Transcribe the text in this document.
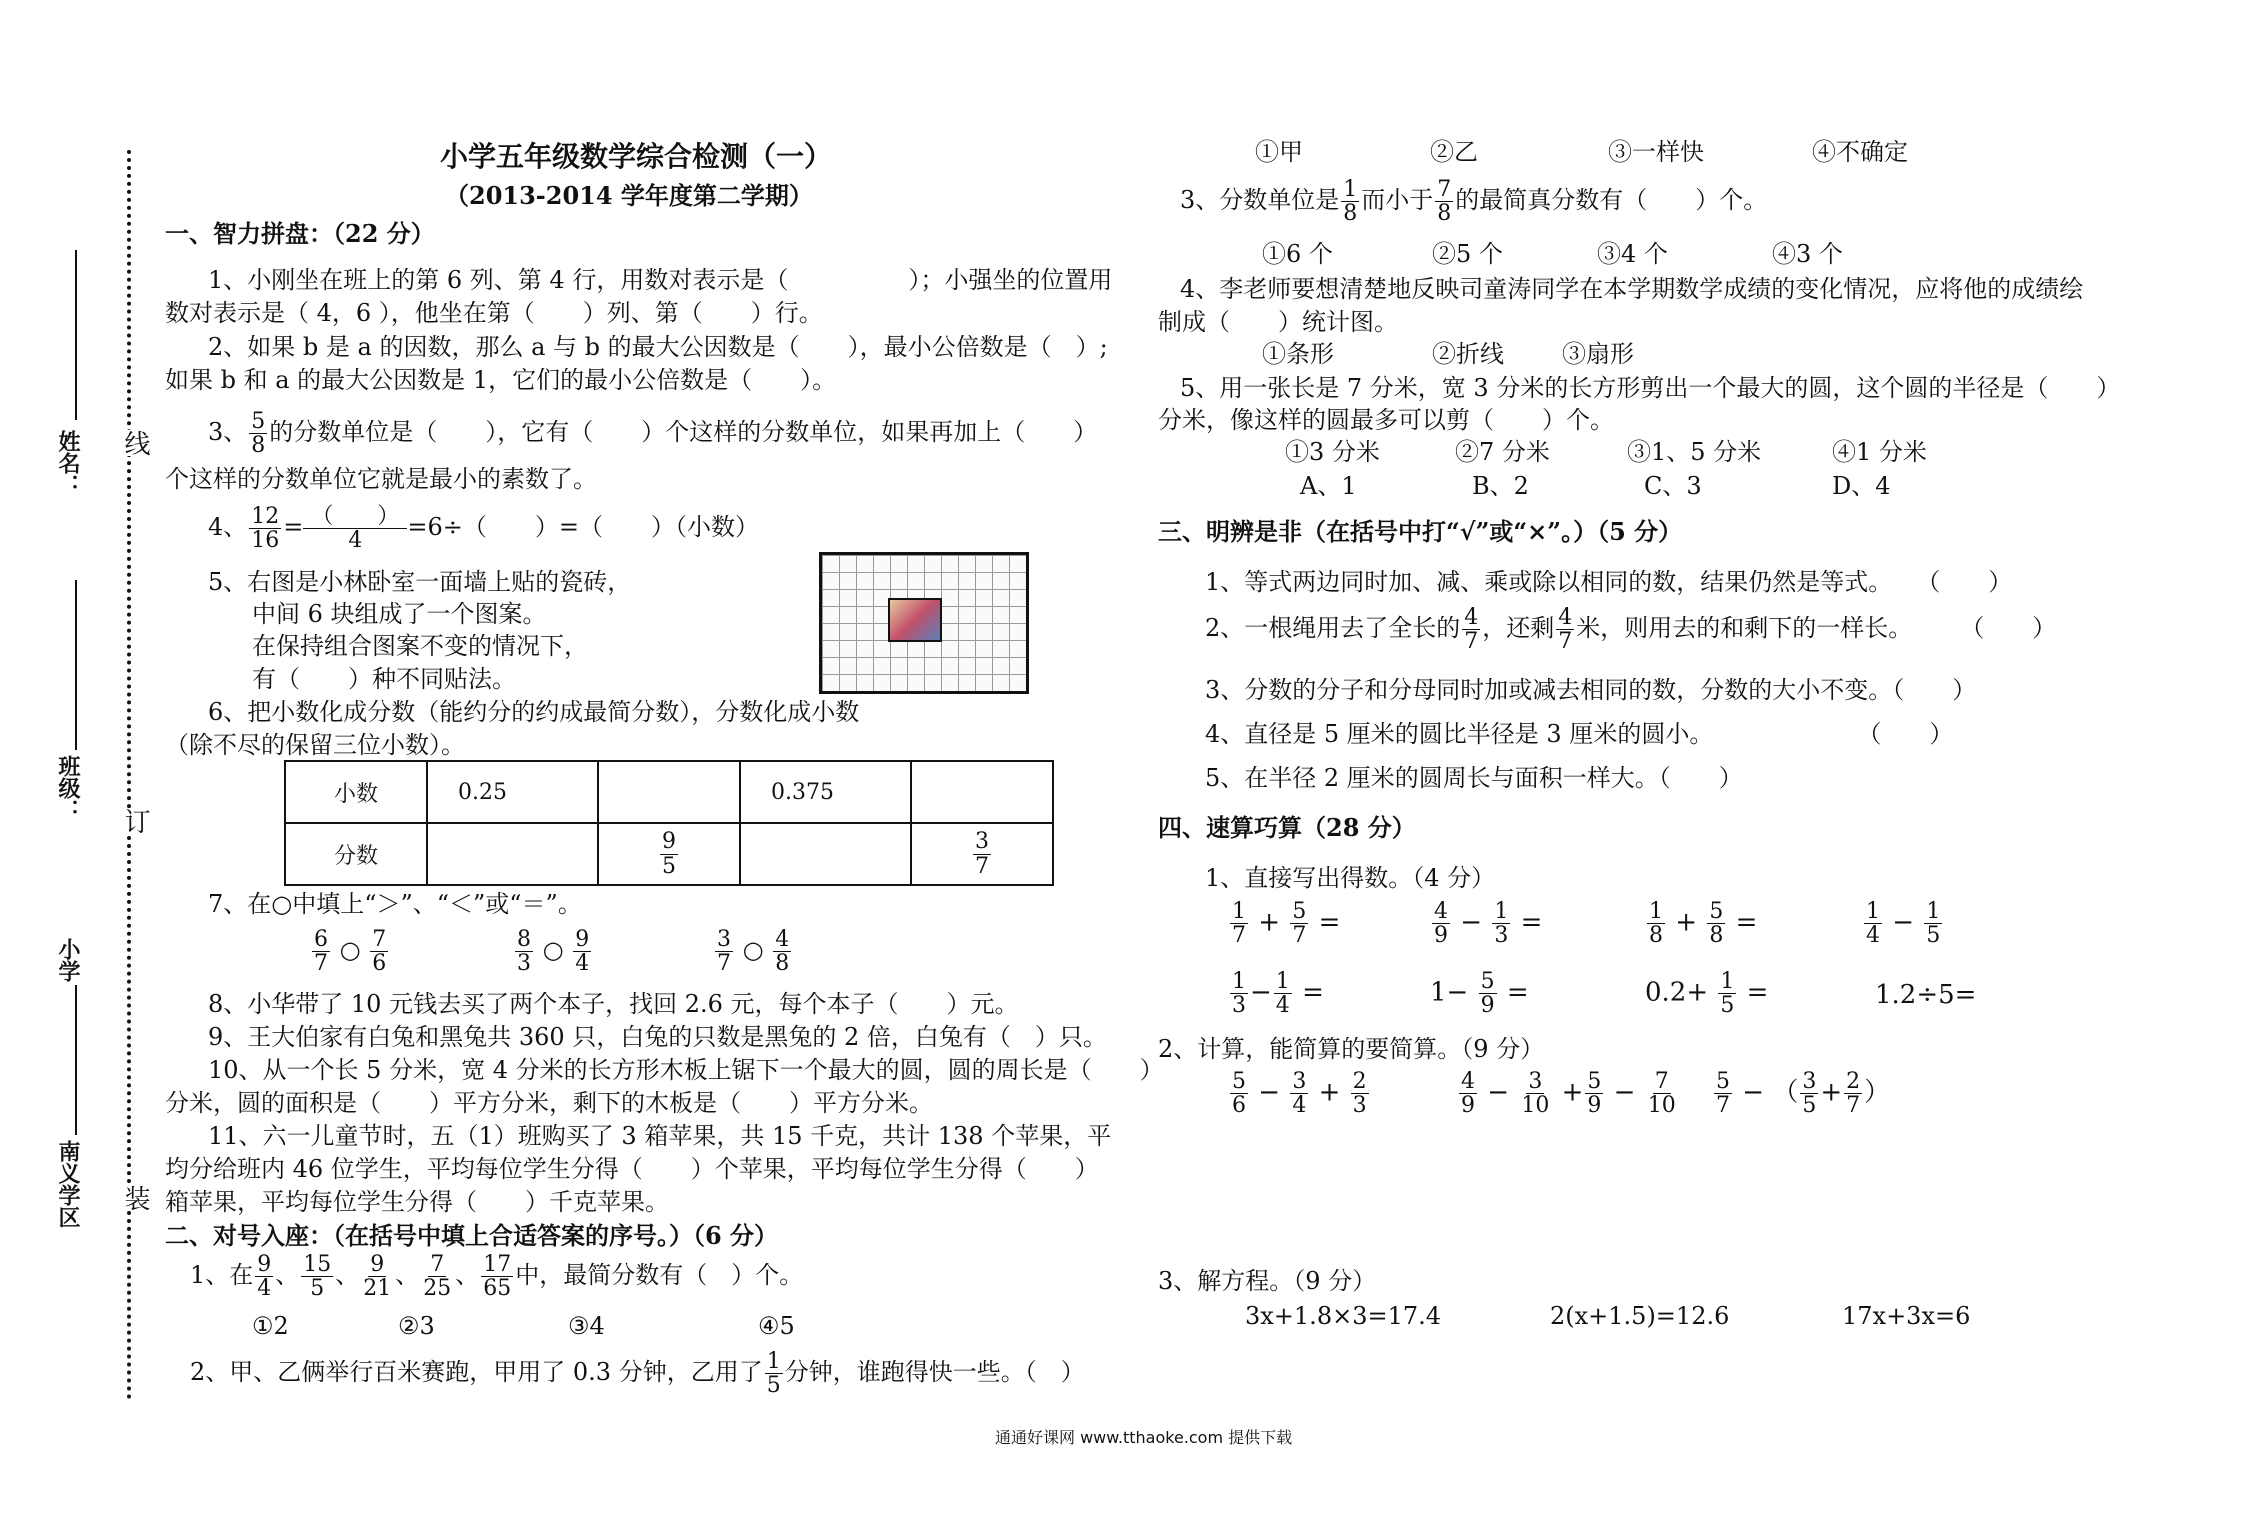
姓名：
班级：
小学
南义学区
线
订
装
小学五年级数学综合检测（一）
（2013-2014 学年度第二学期）
一、智力拼盘：（22 分）
1、小刚坐在班上的第 6 列、第 4 行，用数对表示是（　　　　　）；小强坐的位置用
数对表示是（ 4，6 ），他坐在第（　　）列、第（　　）行。
2、如果 b 是 a 的因数，那么 a 与 b 的最大公因数是（　　），最小公倍数是（　）;
如果 b 和 a 的最大公因数是 1，它们的最小公倍数是（　　）。
3、 $\frac{5}{8}$ 的分数单位是（　　），它有（　　）个这样的分数单位，如果再加上（　　）
个这样的分数单位它就是最小的素数了。
4、 $\frac{12}{16} = \frac{( )}{4} =6\div$（　　）=（　　）（小数）
5、右图是小林卧室一面墙上贴的瓷砖，
中间 6 块组成了一个图案。
在保持组合图案不变的情况下，
有（　　）种不同贴法。
6、把小数化成分数（能约分的约成最简分数），分数化成小数
（除不尽的保留三位小数）。
小数	0.25		0.375	
分数		$\frac{9}{5}$		$\frac{3}{7}$
7、在○中填上“＞”、“＜”或“＝”。
$\frac{6}{7}$ ○ $\frac{7}{6}$	$\frac{8}{3}$ ○ $\frac{9}{4}$	$\frac{3}{7}$ ○ $\frac{4}{8}$
8、小华带了 10 元钱去买了两个本子，找回 2.6 元，每个本子（　　）元。
9、王大伯家有白兔和黑兔共 360 只，白兔的只数是黑兔的 2 倍，白兔有（　）只。
10、从一个长 5 分米，宽 4 分米的长方形木板上锯下一个最大的圆，圆的周长是（　　）
分米，圆的面积是（　　）平方分米，剩下的木板是（　　）平方分米。
11、六一儿童节时，五（1）班购买了 3 箱苹果，共 15 千克，共计 138 个苹果，平
均分给班内 46 位学生，平均每位学生分得（　　）个苹果，平均每位学生分得（　　）
箱苹果，平均每位学生分得（　　）千克苹果。
二、对号入座：（在括号中填上合适答案的序号。）（6 分）
1、在 $\frac{9}{4}$ 、 $\frac{15}{5}$ 、 $\frac{9}{21}$ 、 $\frac{7}{25}$ 、 $\frac{17}{65}$ 中，最简分数有（　）个。
①2	②3	③4	④5
2、甲、乙俩举行百米赛跑，甲用了 0.3 分钟，乙用了 $\frac{1}{5}$ 分钟，谁跑得快一些。（　）
①甲	②乙	③一样快	④不确定
3、分数单位是 $\frac{1}{8}$ 而小于 $\frac{7}{8}$ 的最简真分数有（　　）个。
①6 个	②5 个	③4 个	④3 个
4、李老师要想清楚地反映司童涛同学在本学期数学成绩的变化情况，应将他的成绩绘
制成（　　）统计图。
①条形	②折线 ③扇形
5、用一张长是 7 分米，宽 3 分米的长方形剪出一个最大的圆，这个圆的半径是（　　）
分米，像这样的圆最多可以剪（　　）个。
①3 分米	②7 分米	③1、5 分米	④1 分米
A、1	B、2	C、3	D、4
三、明辨是非（在括号中打“√”或“×”。）（5 分）
1、等式两边同时加、减、乘或除以相同的数，结果仍然是等式。　　（　　）
2、一根绳用去了全长的 $\frac{4}{7}$ ，还剩 $\frac{4}{7}$ 米，则用去的和剩下的一样长。　　　（　　）
3、分数的分子和分母同时加或减去相同的数，分数的大小不变。（　　）
4、直径是 5 厘米的圆比半径是 3 厘米的圆小。　　　　　　　（　　）
5、在半径 2 厘米的圆周长与面积一样大。（　　）
四、速算巧算（28 分）
1、直接写出得数。（4 分）
$\frac{1}{7} + \frac{5}{7}$ =	$\frac{4}{9} - \frac{1}{3}$ =	$\frac{1}{8} + \frac{5}{8}$ =	$\frac{1}{4} - \frac{1}{5}$
$\frac{1}{3} - \frac{1}{4}$ =	$1- \frac{5}{9}$ =	$0.2+ \frac{1}{5}$ =	1.2÷5=
2、计算，能简算的要简算。（9 分）
$\frac{5}{6} - \frac{3}{4} + \frac{2}{3}$	$\frac{4}{9} - \frac{3}{10} + \frac{5}{9} - \frac{7}{10} \frac{5}{7}$ − （ $\frac{3}{5} + \frac{2}{7}$ ）
3、解方程。（9 分）
3x+1.8×3=17.4	2(x+1.5)=12.6	17x+3x=6
通通好课网 www.tthaoke.com 提供下载
